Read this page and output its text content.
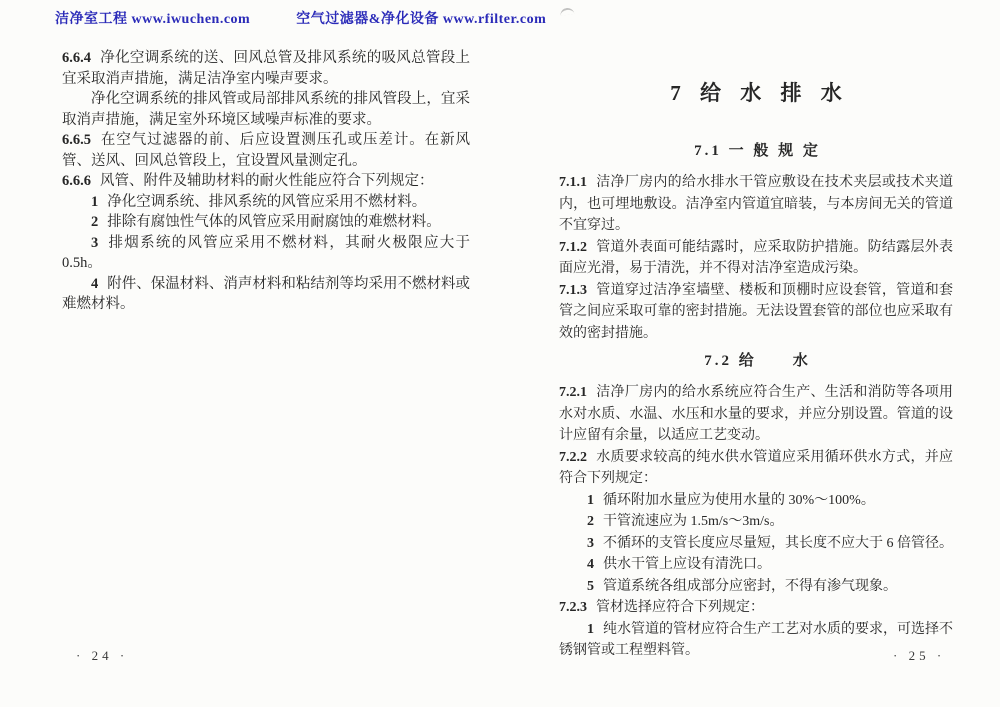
洁净室工程 www.iwuchen.com	空气过滤器&净化设备 www.rfilter.com

6.6.4 净化空调系统的送、回风总管及排风系统的吸风总管段上宜采取消声措施，满足洁净室内噪声要求。

净化空调系统的排风管或局部排风系统的排风管段上，宜采取消声措施，满足室外环境区域噪声标准的要求。

6.6.5 在空气过滤器的前、后应设置测压孔或压差计。在新风管、送风、回风总管段上，宜设置风量测定孔。

6.6.6 风管、附件及辅助材料的耐火性能应符合下列规定：

1 净化空调系统、排风系统的风管应采用不燃材料。

2 排除有腐蚀性气体的风管应采用耐腐蚀的难燃材料。

3 排烟系统的风管应采用不燃材料，其耐火极限应大于0.5h。

4 附件、保温材料、消声材料和粘结剂等均采用不燃材料或难燃材料。

7 给 水 排 水
7.1 一 般 规 定

7.1.1 洁净厂房内的给水排水干管应敷设在技术夹层或技术夹道内，也可埋地敷设。洁净室内管道宜暗装，与本房间无关的管道不宜穿过。

7.1.2 管道外表面可能结露时，应采取防护措施。防结露层外表面应光滑，易于清洗，并不得对洁净室造成污染。

7.1.3 管道穿过洁净室墙壁、楼板和顶棚时应设套管，管道和套管之间应采取可靠的密封措施。无法设置套管的部位也应采取有效的密封措施。

7.2 给　　水

7.2.1 洁净厂房内的给水系统应符合生产、生活和消防等各项用水对水质、水温、水压和水量的要求，并应分别设置。管道的设计应留有余量，以适应工艺变动。

7.2.2 水质要求较高的纯水供水管道应采用循环供水方式，并应符合下列规定：

1 循环附加水量应为使用水量的 30%～100%。

2 干管流速应为 1.5m/s～3m/s。

3 不循环的支管长度应尽量短，其长度不应大于 6 倍管径。

4 供水干管上应设有清洗口。

5 管道系统各组成部分应密封，不得有渗气现象。

7.2.3 管材选择应符合下列规定：

1 纯水管道的管材应符合生产工艺对水质的要求，可选择不锈钢管或工程塑料管。

· 24 ·	· 25 ·
